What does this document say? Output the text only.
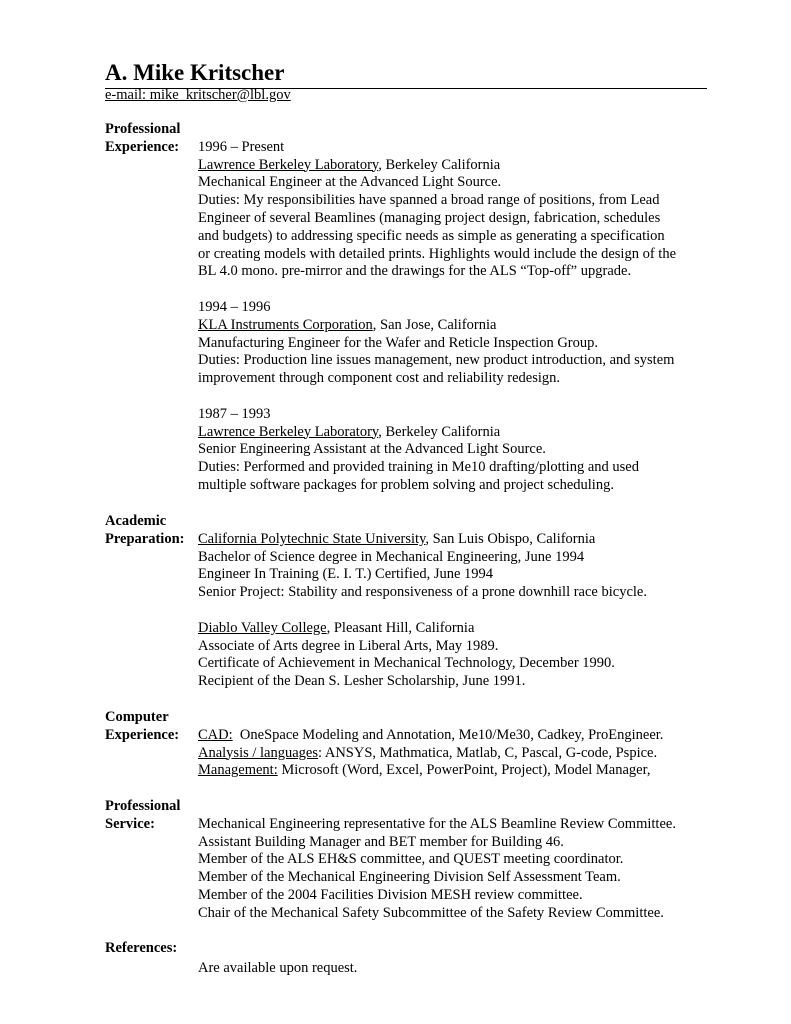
A. Mike Kritscher
e-mail: mike_kritscher@lbl.gov
Professional
Experience:	1996 – Present
Lawrence Berkeley Laboratory, Berkeley California
Mechanical Engineer at the Advanced Light Source.
Duties: My responsibilities have spanned a broad range of positions, from Lead
Engineer of several Beamlines (managing project design, fabrication, schedules
and budgets) to addressing specific needs as simple as generating a specification
or creating models with detailed prints. Highlights would include the design of the
BL 4.0 mono. pre-mirror and the drawings for the ALS “Top-off” upgrade.
1994 – 1996
KLA Instruments Corporation, San Jose, California
Manufacturing Engineer for the Wafer and Reticle Inspection Group.
Duties: Production line issues management, new product introduction, and system
improvement through component cost and reliability redesign.
1987 – 1993
Lawrence Berkeley Laboratory, Berkeley California
Senior Engineering Assistant at the Advanced Light Source.
Duties: Performed and provided training in Me10 drafting/plotting and used
multiple software packages for problem solving and project scheduling.
Academic
Preparation: California Polytechnic State University, San Luis Obispo, California
Bachelor of Science degree in Mechanical Engineering, June 1994
Engineer In Training (E. I. T.) Certified, June 1994
Senior Project: Stability and responsiveness of a prone downhill race bicycle.
Diablo Valley College, Pleasant Hill, California
Associate of Arts degree in Liberal Arts, May 1989.
Certificate of Achievement in Mechanical Technology, December 1990.
Recipient of the Dean S. Lesher Scholarship, June 1991.
Computer
Experience:	CAD:  OneSpace Modeling and Annotation, Me10/Me30, Cadkey, ProEngineer.
Analysis / languages: ANSYS, Mathmatica, Matlab, C, Pascal, G-code, Pspice.
Management: Microsoft (Word, Excel, PowerPoint, Project), Model Manager,
Professional
Service:	Mechanical Engineering representative for the ALS Beamline Review Committee.
Assistant Building Manager and BET member for Building 46.
Member of the ALS EH&S committee, and QUEST meeting coordinator.
Member of the Mechanical Engineering Division Self Assessment Team.
Member of the 2004 Facilities Division MESH review committee.
Chair of the Mechanical Safety Subcommittee of the Safety Review Committee.
References:
Are available upon request.
